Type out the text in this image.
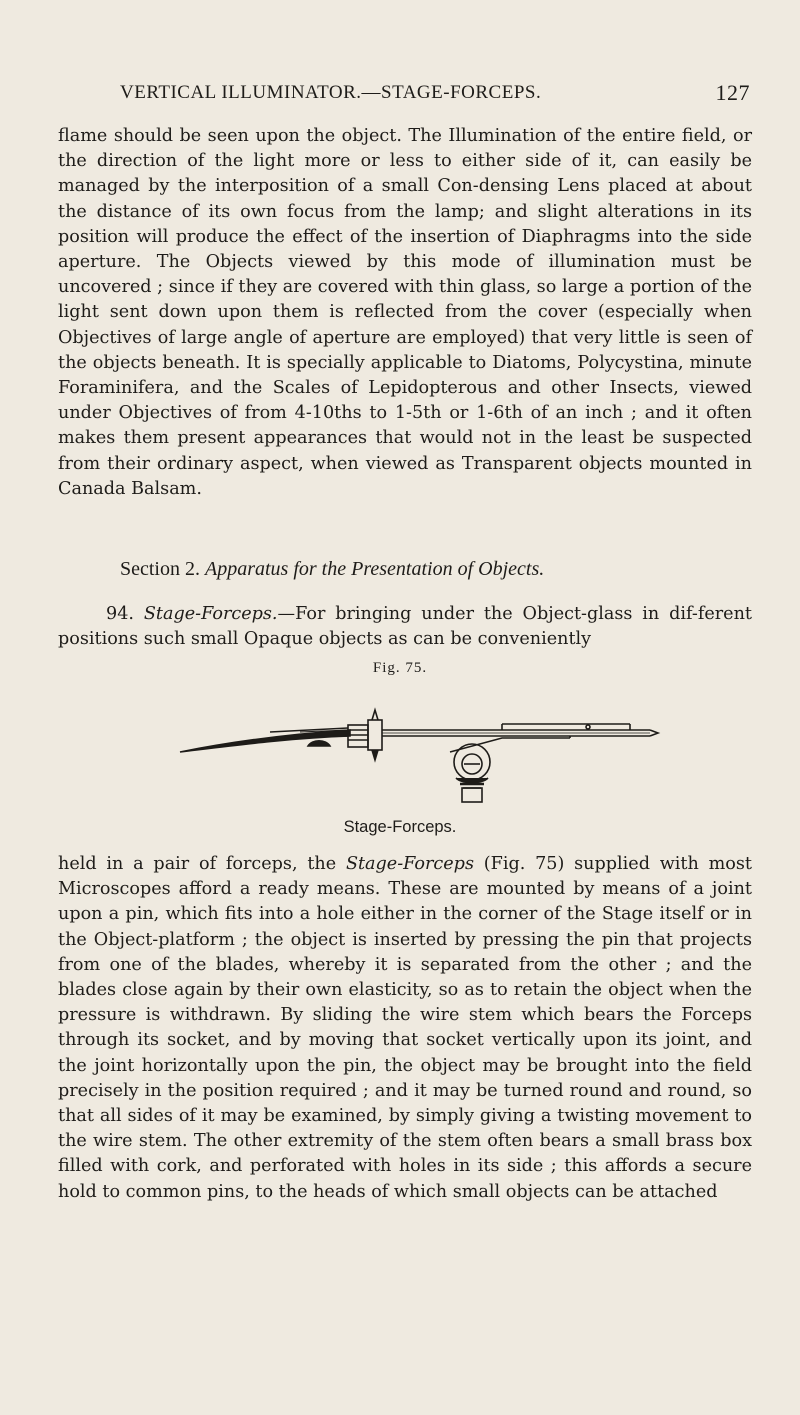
VERTICAL ILLUMINATOR.—STAGE-FORCEPS.	127

flame should be seen upon the object. The Illumination of the entire field, or the direction of the light more or less to either side of it, can easily be managed by the interposition of a small Con-densing Lens placed at about the distance of its own focus from the lamp; and slight alterations in its position will produce the effect of the insertion of Diaphragms into the side aperture. The Objects viewed by this mode of illumination must be uncovered ; since if they are covered with thin glass, so large a portion of the light sent down upon them is reflected from the cover (especially when Objectives of large angle of aperture are employed) that very little is seen of the objects beneath. It is specially applicable to Diatoms, Polycystina, minute Foraminifera, and the Scales of Lepidopterous and other Insects, viewed under Objectives of from 4-10ths to 1-5th or 1-6th of an inch ; and it often makes them present appearances that would not in the least be suspected from their ordinary aspect, when viewed as Transparent objects mounted in Canada Balsam.

Section 2. Apparatus for the Presentation of Objects.

94. Stage-Forceps.—For bringing under the Object-glass in dif-ferent positions such small Opaque objects as can be conveniently

Fig. 75.
Stage-Forceps.

held in a pair of forceps, the Stage-Forceps (Fig. 75) supplied with most Microscopes afford a ready means. These are mounted by means of a joint upon a pin, which fits into a hole either in the corner of the Stage itself or in the Object-platform ; the object is inserted by pressing the pin that projects from one of the blades, whereby it is separated from the other ; and the blades close again by their own elasticity, so as to retain the object when the pressure is withdrawn. By sliding the wire stem which bears the Forceps through its socket, and by moving that socket vertically upon its joint, and the joint horizontally upon the pin, the object may be brought into the field precisely in the position required ; and it may be turned round and round, so that all sides of it may be examined, by simply giving a twisting movement to the wire stem. The other extremity of the stem often bears a small brass box filled with cork, and perforated with holes in its side ; this affords a secure hold to common pins, to the heads of which small objects can be attached
